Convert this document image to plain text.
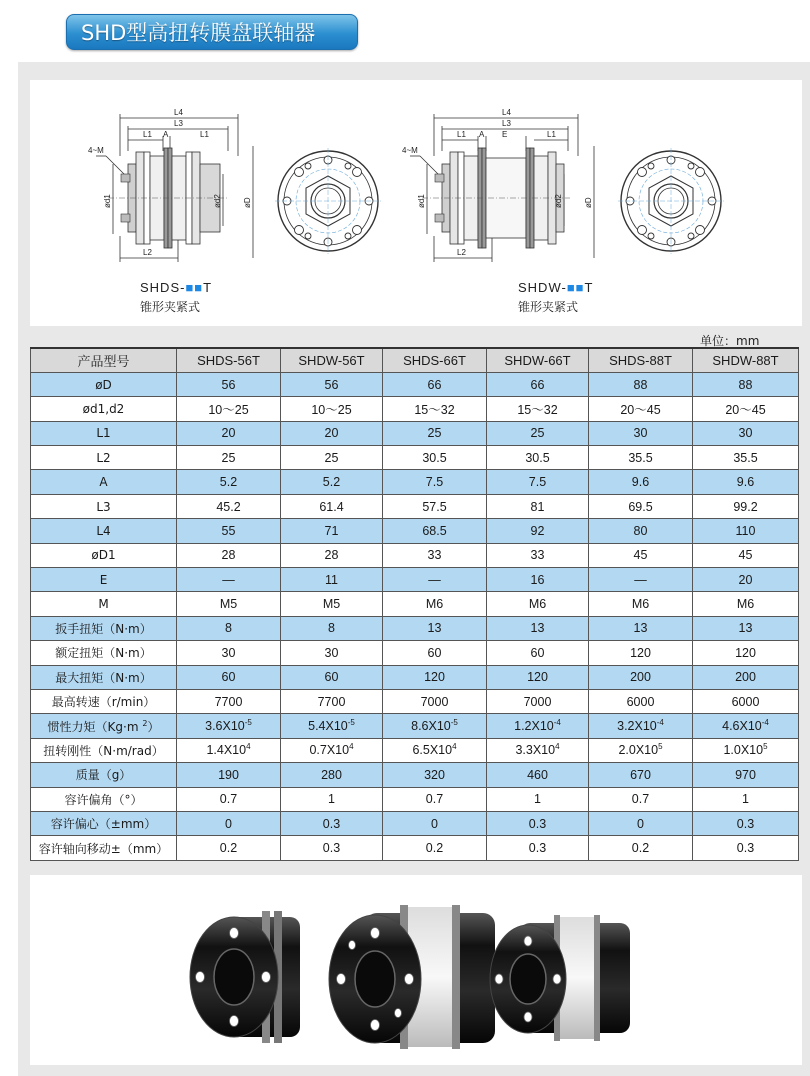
SHD型高扭转膜盘联轴器
L4
L3
L1 A	L1
L2
4~M
ød1	ød2	øD
SHDS-■■T
锥形夹紧式
L4
L3
L1 A E	L1
L2
4~M
ød1	ød2	øD
SHDW-■■T
锥形夹紧式
单位：mm
产品型号	SHDS-56T	SHDW-56T	SHDS-66T	SHDW-66T	SHDS-88T	SHDW-88T
øD	56	56	66	66	88	88
ød1,d2	10～25	10～25	15～32	15～32	20～45	20～45
L1	20	20	25	25	30	30
L2	25	25	30.5	30.5	35.5	35.5
A	5.2	5.2	7.5	7.5	9.6	9.6
L3	45.2	61.4	57.5	81	69.5	99.2
L4	55	71	68.5	92	80	110
øD1	28	28	33	33	45	45
E	—	11	—	16	—	20
M	M5	M5	M6	M6	M6	M6
扳手扭矩（N·m）	8	8	13	13	13	13
额定扭矩（N·m）	30	30	60	60	120	120
最大扭矩（N·m）	60	60	120	120	200	200
最高转速（r/min）	7700	7700	7000	7000	6000	6000
惯性力矩（Kg·m $^2$）	$3.6X10^{-5}$	$5.4X10^{-5}$	$8.6X10^{-5}$	$1.2X10^{-4}$	$3.2X10^{-4}$	$4.6X10^{-4}$
扭转刚性（N·m/rad）	$1.4X10^4$	$0.7X10^4$	$6.5X10^4$	$3.3X10^4$	$2.0X10^5$	$1.0X10^5$
质量（g）	190	280	320	460	670	970
容许偏角（°）	0.7	1	0.7	1	0.7	1
容许偏心（±mm）	0	0.3	0	0.3	0	0.3
容许轴向移动±（mm）	0.2	0.3	0.2	0.3	0.2	0.3
